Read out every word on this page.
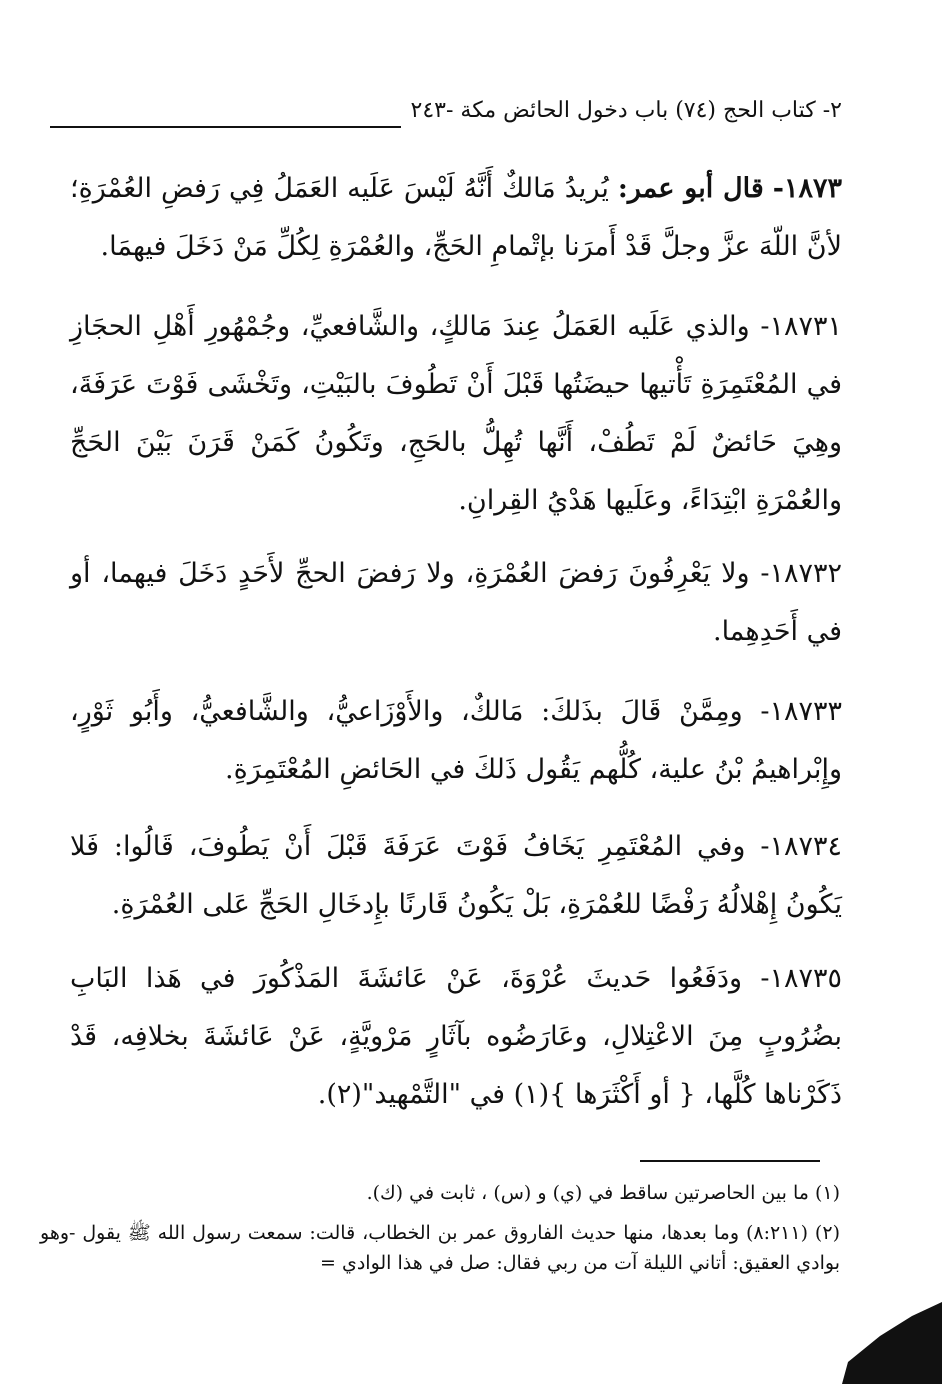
٢- كتاب الحج (٧٤) باب دخول الحائض مكة -٢٤٣
١٨٧٣- قال أبو عمر: يُريدُ مَالكٌ أَنَّهُ لَيْسَ عَلَيه العَمَلُ فِي رَفضِ العُمْرَةِ؛ لأنَّ اللّهَ عزَّ وجلَّ قَدْ أَمرَنا بإتْمامِ الحَجِّ، والعُمْرَةِ لِكُلِّ مَنْ دَخَلَ فيهمَا.
١٨٧٣١- والذي عَلَيه العَمَلُ عِندَ مَالكٍ، والشَّافعيِّ، وجُمْهُورِ أَهْلِ الحجَازِ في المُعْتَمِرَةِ تَأْتيها حيضَتُها قَبْلَ أَنْ تَطُوفَ بالبَيْتِ، وتَخْشَى فَوْتَ عَرَفَةَ، وهِيَ حَائضٌ لَمْ تَطُفْ، أَنَّها تُهِلُّ بالحَجِ، وتَكُونُ كَمَنْ قَرَنَ بَيْنَ الحَجِّ والعُمْرَةِ ابْتِدَاءً، وعَلَيها هَدْيُ القِرانِ.
١٨٧٣٢- ولا يَعْرِفُونَ رَفضَ العُمْرَةِ، ولا رَفضَ الحجِّ لأَحَدٍ دَخَلَ فيهما، أو في أَحَدِهِما.
١٨٧٣٣- ومِمَّنْ قَالَ بذَلكَ: مَالكٌ، والأَوْزَاعيُّ، والشَّافعيُّ، وأَبُو ثَوْرٍ، وإِبْراهيمُ بْنُ علية، كُلُّهم يَقُول ذَلكَ في الحَائضِ المُعْتَمِرَةِ.
١٨٧٣٤- وفي المُعْتَمِرِ يَخَافُ فَوْتَ عَرَفَةَ قَبْلَ أَنْ يَطُوفَ، قَالُوا: فَلا يَكُونُ إِهْلالُهُ رَفْضًا للعُمْرَةِ، بَلْ يَكُونُ قَارنًا بإِدخَالِ الحَجِّ عَلى العُمْرَةِ.
١٨٧٣٥- ودَفَعُوا حَديثَ عُرْوَةَ، عَنْ عَائشَةَ المَذْكُورَ في هَذا البَابِ بضُرُوبٍ مِنَ الاعْتِلالِ، وعَارَضُوه بآثَارٍ مَرْويَّةٍ، عَنْ عَائشَةَ بخلافِه، قَدْ ذَكَرْناها كُلَّها، { أو أَكْثَرَها }(١) في "التَّمْهيد"(٢).
(١) ما بين الحاصرتين ساقط في (ي) و (س) ، ثابت في (ك).
(٢) (٨:٢١١) وما بعدها، منها حديث الفاروق عمر بن الخطاب، قالت: سمعت رسول الله ﷺ يقول -وهو بوادي العقيق: أتاني الليلة آت من ربي فقال: صل في هذا الوادي =
